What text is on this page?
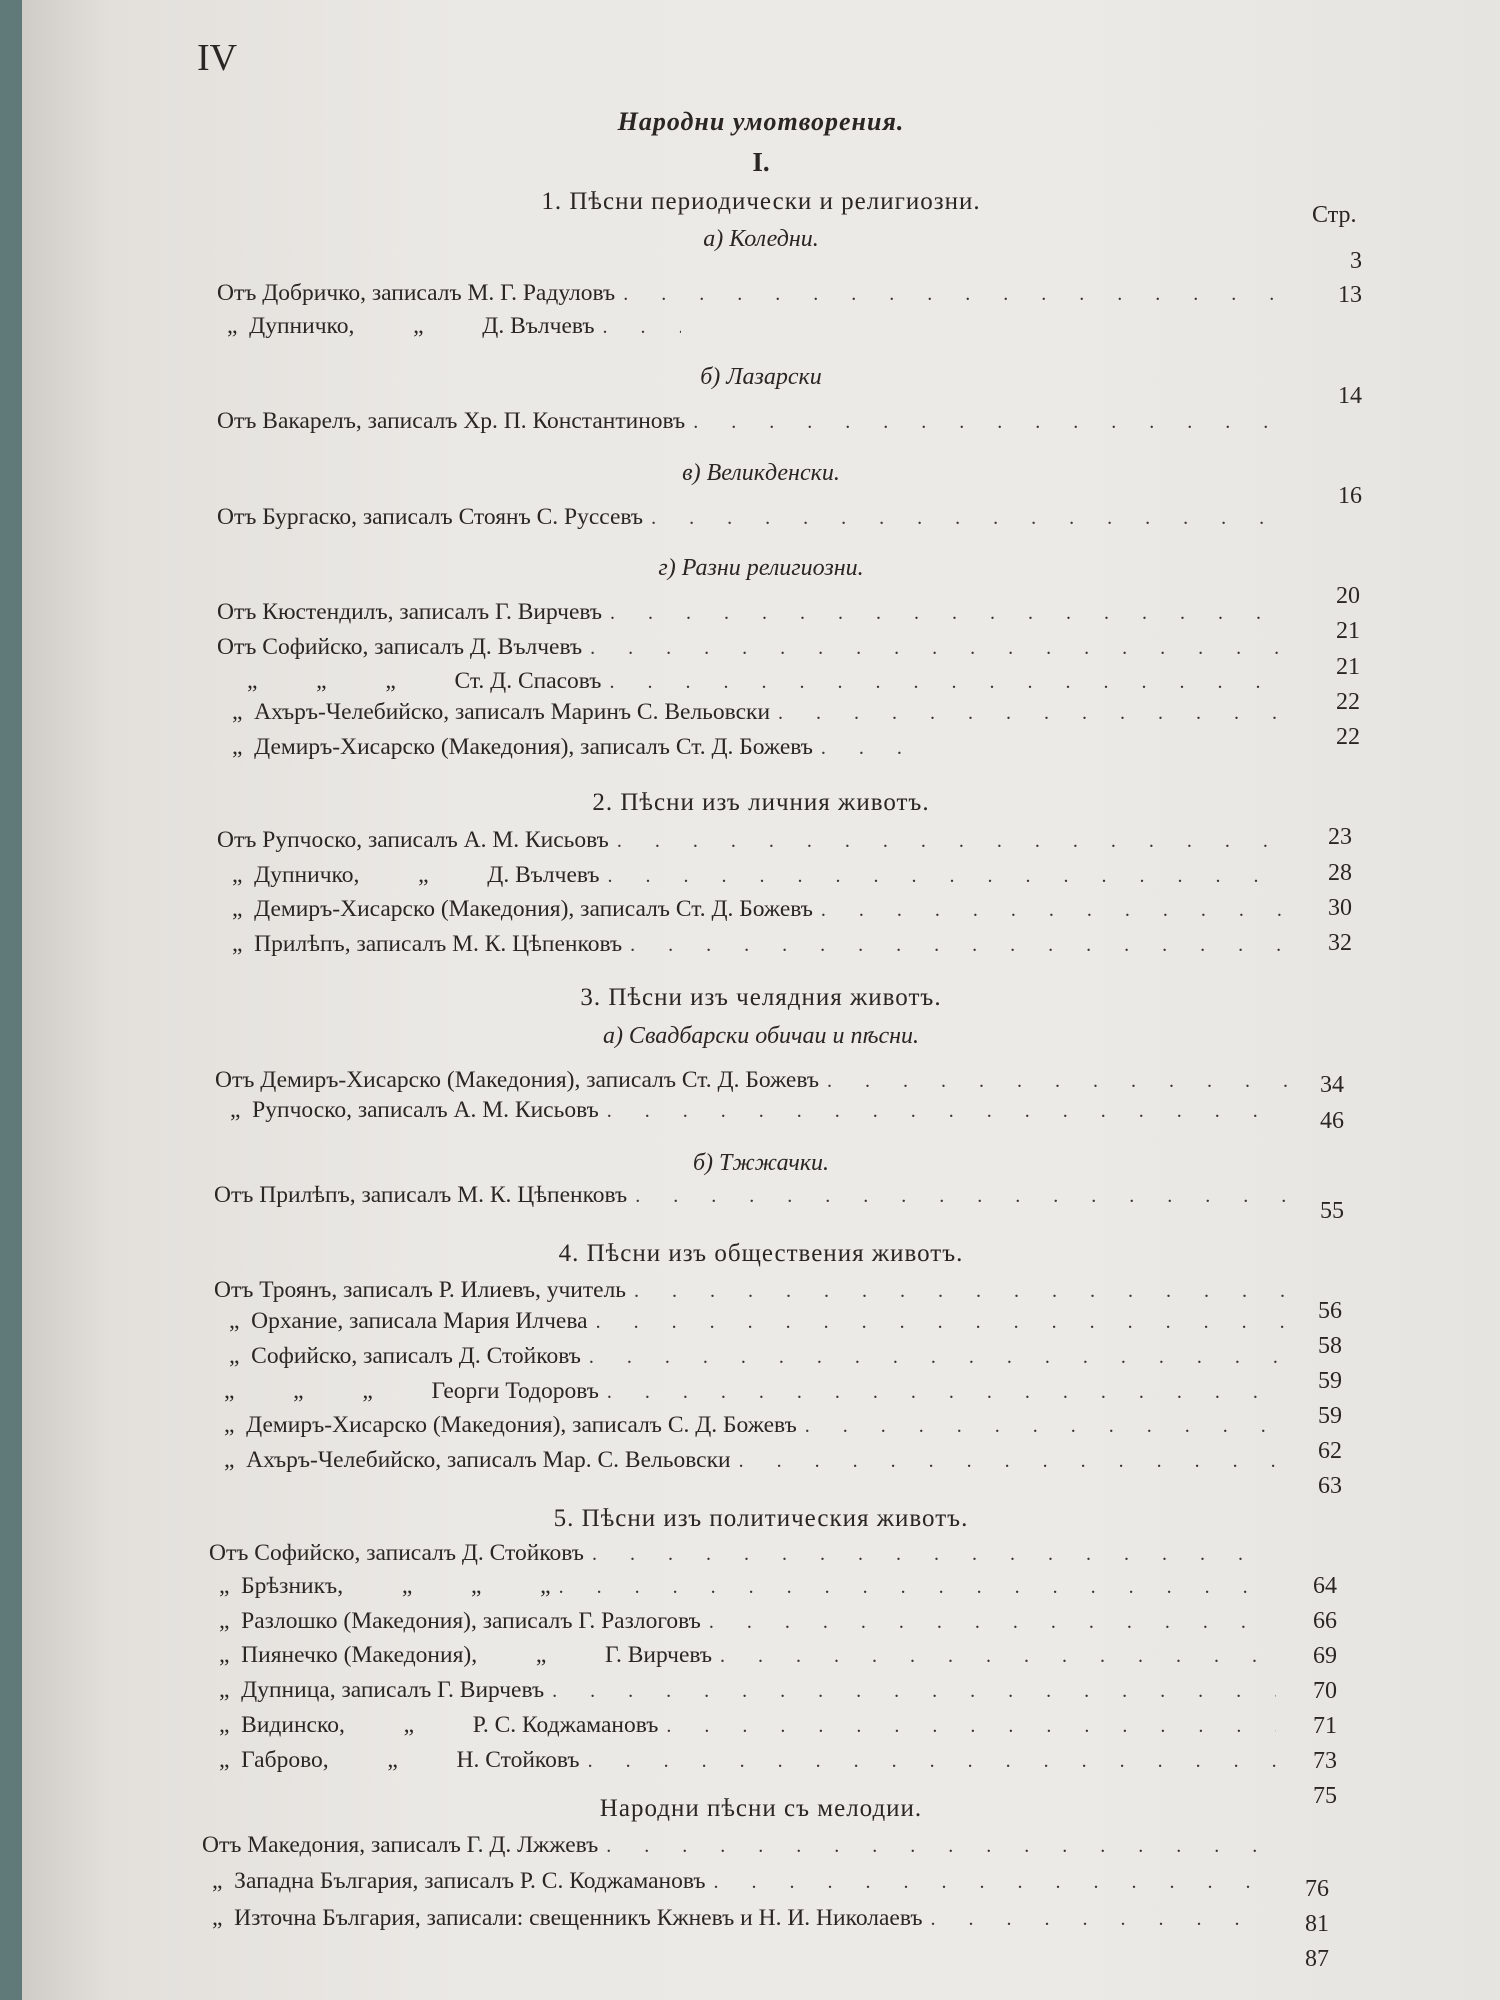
IV
Народни умотворения.
I.
1. Пѣсни периодически и религиозни.	Стр.
а) Коледни.
Отъ Добричко, записалъ М. Г. Радуловъ
. . .
„  Дупничко,          „          Д. Вълчевъ
. . .
б) Лазарски
Отъ Вакарелъ, записалъ Хр. П. Константиновъ
. . .
в) Великденски.
Отъ Бургаско, записалъ Стоянъ С. Руссевъ
. . .
г) Разни религиозни.
Отъ Кюстендилъ, записалъ Г. Вирчевъ
. . .
Отъ Софийско, записалъ Д. Вълчевъ
. . .
„          „          „          Ст. Д. Спасовъ
. . .
„  Ахъръ-Челебийско, записалъ Маринъ С. Вельовски
. . .
„  Демиръ-Хисарско (Македония), записалъ Ст. Д. Божевъ
. . .
2. Пѣсни изъ личния животъ.
Отъ Рупчоско, записалъ А. М. Кисьовъ
. . .
„  Дупничко,          „          Д. Вълчевъ
. . .
„  Демиръ-Хисарско (Македония), записалъ Ст. Д. Божевъ
. . .
„  Прилѣпъ, записалъ М. К. Цѣпенковъ
. . .
3. Пѣсни изъ челядния животъ.
а) Свадбарски обичаи и пѣсни.
Отъ Демиръ-Хисарско (Македония), записалъ Ст. Д. Божевъ
. . .
„  Рупчоско, записалъ А. М. Кисьовъ
. . .
б) Тжжачки.
Отъ Прилѣпъ, записалъ М. К. Цѣпенковъ
. . .
4. Пѣсни изъ обществения животъ.
Отъ Троянъ, записалъ Р. Илиевъ, учитель
. . .
„  Орхание, записала Мария Илчева
. . .
„  Софийско, записалъ Д. Стойковъ
. . .
„          „          „          Георги Тодоровъ
. . .
„  Демиръ-Хисарско (Македония), записалъ С. Д. Божевъ
. . .
„  Ахъръ-Челебийско, записалъ Мар. С. Вельовски
. . .
5. Пѣсни изъ политическия животъ.
Отъ Софийско, записалъ Д. Стойковъ
. . .
„  Брѣзникъ,          „          „          „
. . .
„  Разлошко (Македония), записалъ Г. Разлоговъ
. . .
„  Пиянечко (Македония),          „          Г. Вирчевъ
. . .
„  Дупница, записалъ Г. Вирчевъ
. . .
„  Видинско,          „          Р. С. Коджамановъ
. . .
„  Габрово,          „          Н. Стойковъ
. . .
Народни пѣсни съ мелодии.
Отъ Македония, записалъ Г. Д. Лжжевъ
. . .
„  Западна България, записалъ Р. С. Коджамановъ
. . .
„  Източна България, записали: свещенникъ Кжневъ и Н. И. Николаевъ
. . .
3
13
14
16
20
21
21
22
22
23
28
30
32
34
46
55
56
58
59
59
62
63
64
66
69
70
71
73
75
76
81
87
